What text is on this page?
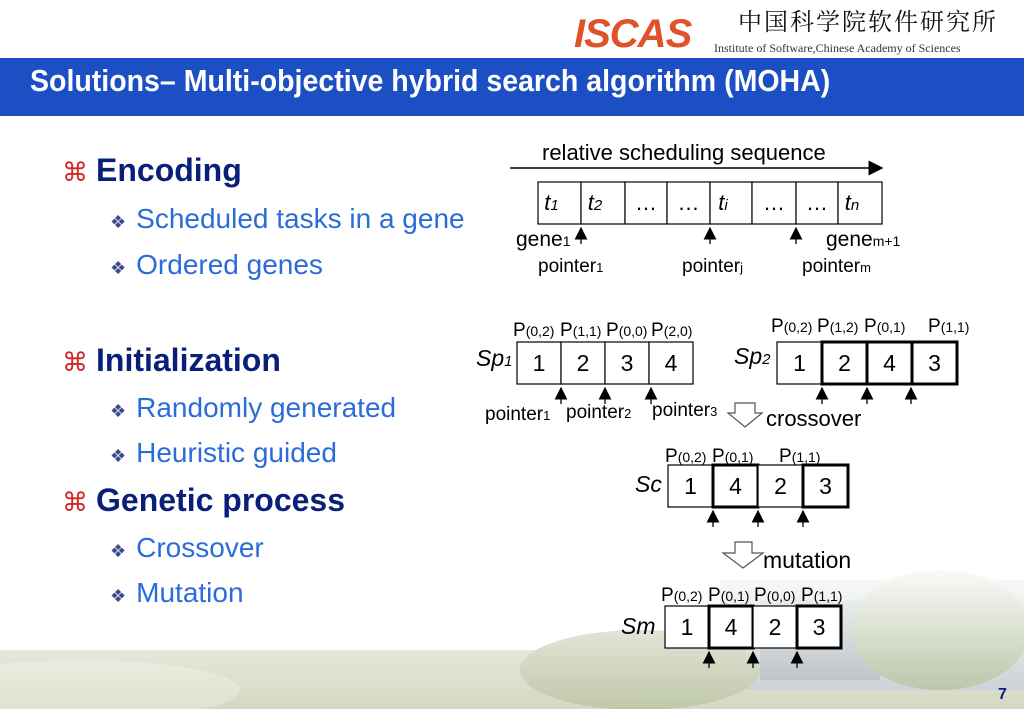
ISCAS 中国科学院软件研究所
Institute of Software,Chinese Academy of Sciences
Solutions– Multi-objective hybrid search algorithm (MOHA)
⌘ Encoding
❖ Scheduled tasks in a gene
❖ Ordered genes
⌘ Initialization
❖ Randomly generated
❖ Heuristic guided
⌘ Genetic process
❖ Crossover
❖ Mutation
relative scheduling sequence
t1 t2 … … ti … … tn
gene1	genem+1
pointer1	pointerj	pointerm
1 2 3 4
P(0,2) P(1,1) P(0,0) P(2,0)
Sp1	1 2 4 3
P(0,2) P(1,2) P(0,1) P(1,1)
Sp2
1 4 2 3
P(0,2) P(0,1) P(1,1)
Sc
1 4 2 3
P(0,2) P(0,1) P(0,0) P(1,1)
Sm
pointer1 pointer2 pointer3 crossover
mutation
7
